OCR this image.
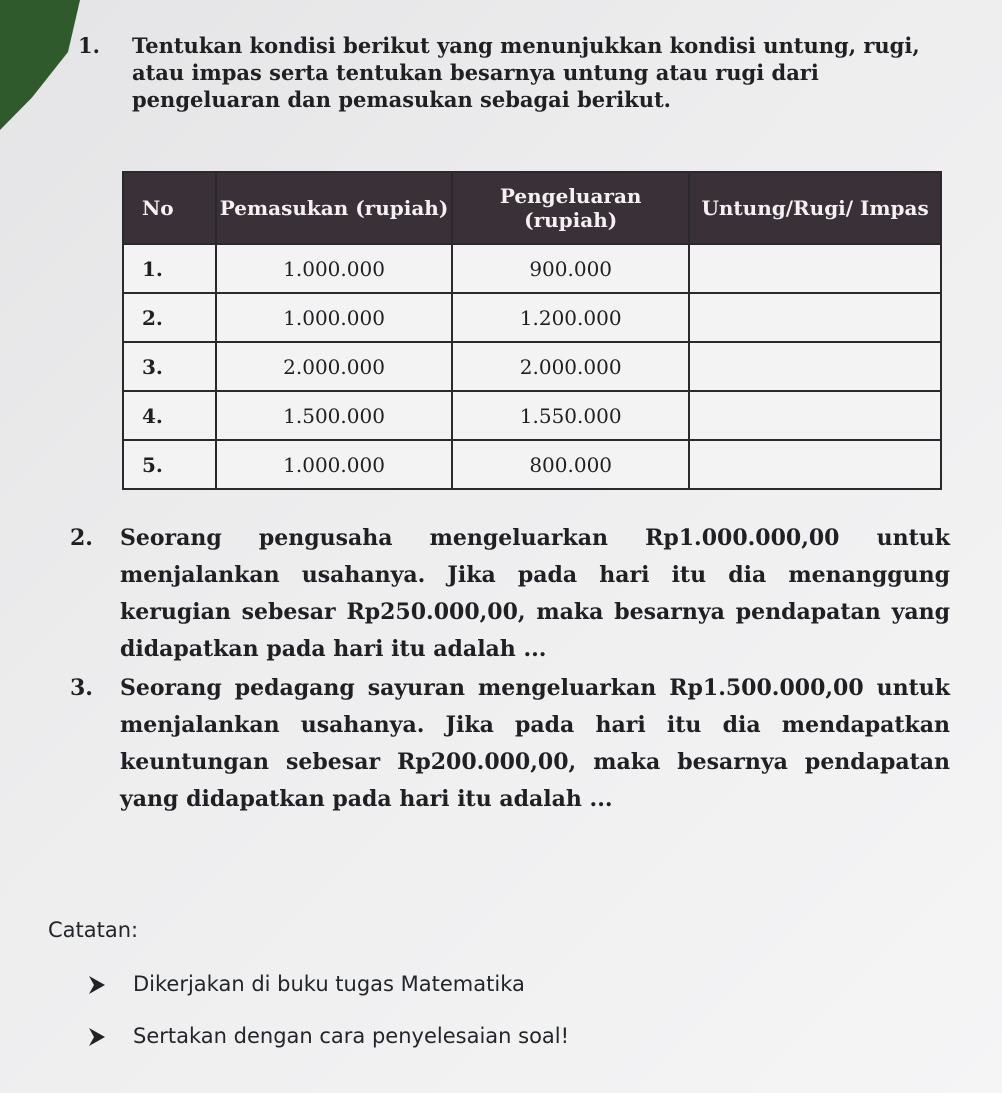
1. Tentukan kondisi berikut yang menunjukkan kondisi untung, rugi, atau impas serta tentukan besarnya untung atau rugi dari pengeluaran dan pemasukan sebagai berikut.
No	Pemasukan (rupiah)	Pengeluaran (rupiah)	Untung/Rugi/ Impas
1.	1.000.000	900.000	
2.	1.000.000	1.200.000	
3.	2.000.000	2.000.000	
4.	1.500.000	1.550.000	
5.	1.000.000	800.000	
2. Seorang pengusaha mengeluarkan Rp1.000.000,00 untuk menjalankan usahanya. Jika pada hari itu dia menanggung kerugian sebesar Rp250.000,00, maka besarnya pendapatan yang didapatkan pada hari itu adalah ...
3. Seorang pedagang sayuran mengeluarkan Rp1.500.000,00 untuk menjalankan usahanya. Jika pada hari itu dia mendapatkan keuntungan sebesar Rp200.000,00, maka besarnya pendapatan yang didapatkan pada hari itu adalah ...
Catatan:
Dikerjakan di buku tugas Matematika
Sertakan dengan cara penyelesaian soal!
